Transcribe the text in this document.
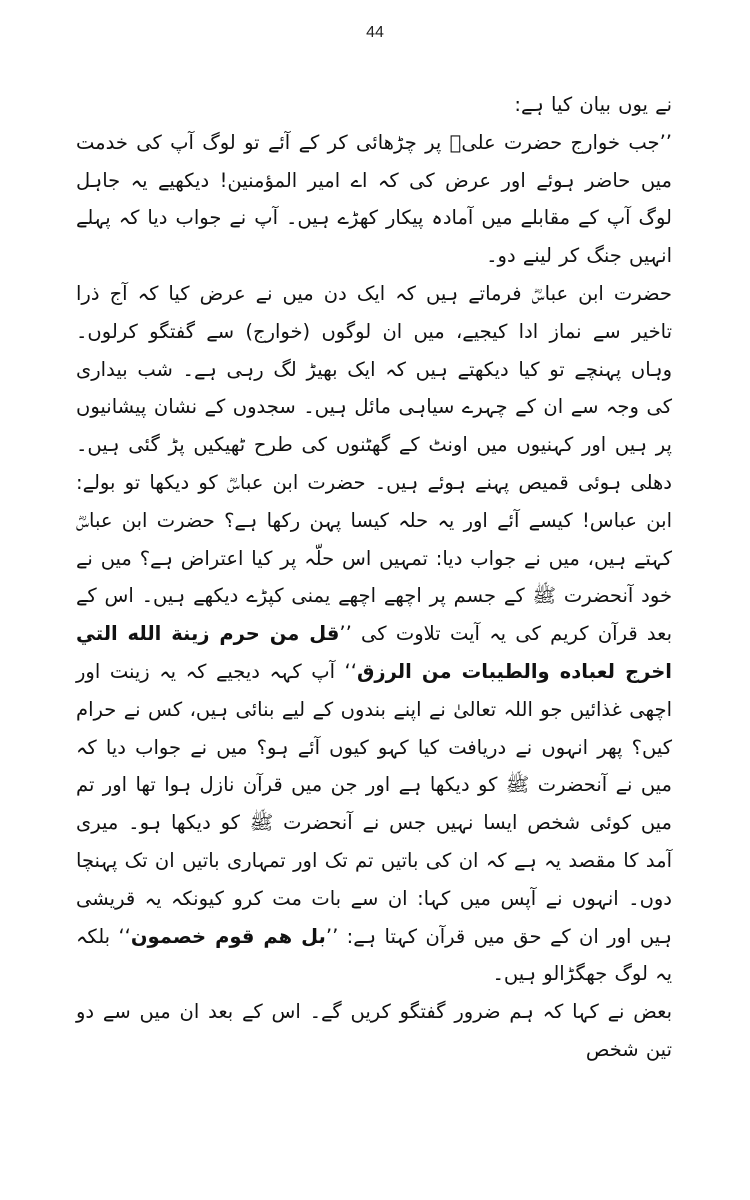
44

نے یوں بیان کیا ہے:

’’جب خوارج حضرت علیؓ پر چڑھائی کر کے آئے تو لوگ آپ کی خدمت میں حاضر ہوئے اور عرض کی کہ اے امیر المؤمنین! دیکھیے یہ جاہل لوگ آپ کے مقابلے میں آمادہ پیکار کھڑے ہیں۔ آپ نے جواب دیا کہ پہلے انہیں جنگ کر لینے دو۔

حضرت ابن عباسؓ فرماتے ہیں کہ ایک دن میں نے عرض کیا کہ آج ذرا تاخیر سے نماز ادا کیجیے، میں ان لوگوں (خوارج) سے گفتگو کرلوں۔ وہاں پہنچے تو کیا دیکھتے ہیں کہ ایک بھیڑ لگ رہی ہے۔ شب بیداری کی وجہ سے ان کے چہرے سیاہی مائل ہیں۔ سجدوں کے نشان پیشانیوں پر ہیں اور کہنیوں میں اونٹ کے گھٹنوں کی طرح ٹھیکیں پڑ گئی ہیں۔ دھلی ہوئی قمیص پہنے ہوئے ہیں۔ حضرت ابن عباسؓ کو دیکھا تو بولے: ابن عباس! کیسے آئے اور یہ حلہ کیسا پہن رکھا ہے؟ حضرت ابن عباسؓ کہتے ہیں، میں نے جواب دیا: تمہیں اس حلّہ پر کیا اعتراض ہے؟ میں نے خود آنحضرت ﷺ کے جسم پر اچھے اچھے یمنی کپڑے دیکھے ہیں۔ اس کے بعد قرآن کریم کی یہ آیت تلاوت کی ’’قل من حرم زينة الله التي اخرج لعباده والطيبات من الرزق‘‘ آپ کہہ دیجیے کہ یہ زینت اور اچھی غذائیں جو اللہ تعالیٰ نے اپنے بندوں کے لیے بنائی ہیں، کس نے حرام کیں؟ پھر انہوں نے دریافت کیا کہو کیوں آئے ہو؟ میں نے جواب دیا کہ میں نے آنحضرت ﷺ کو دیکھا ہے اور جن میں قرآن نازل ہوا تھا اور تم میں کوئی شخص ایسا نہیں جس نے آنحضرت ﷺ کو دیکھا ہو۔ میری آمد کا مقصد یہ ہے کہ ان کی باتیں تم تک اور تمہاری باتیں ان تک پہنچا دوں۔ انہوں نے آپس میں کہا: ان سے بات مت کرو کیونکہ یہ قریشی ہیں اور ان کے حق میں قرآن کہتا ہے: ’’بل هم قوم خصمون‘‘ بلکہ یہ لوگ جھگڑالو ہیں۔

بعض نے کہا کہ ہم ضرور گفتگو کریں گے۔ اس کے بعد ان میں سے دو تین شخص
